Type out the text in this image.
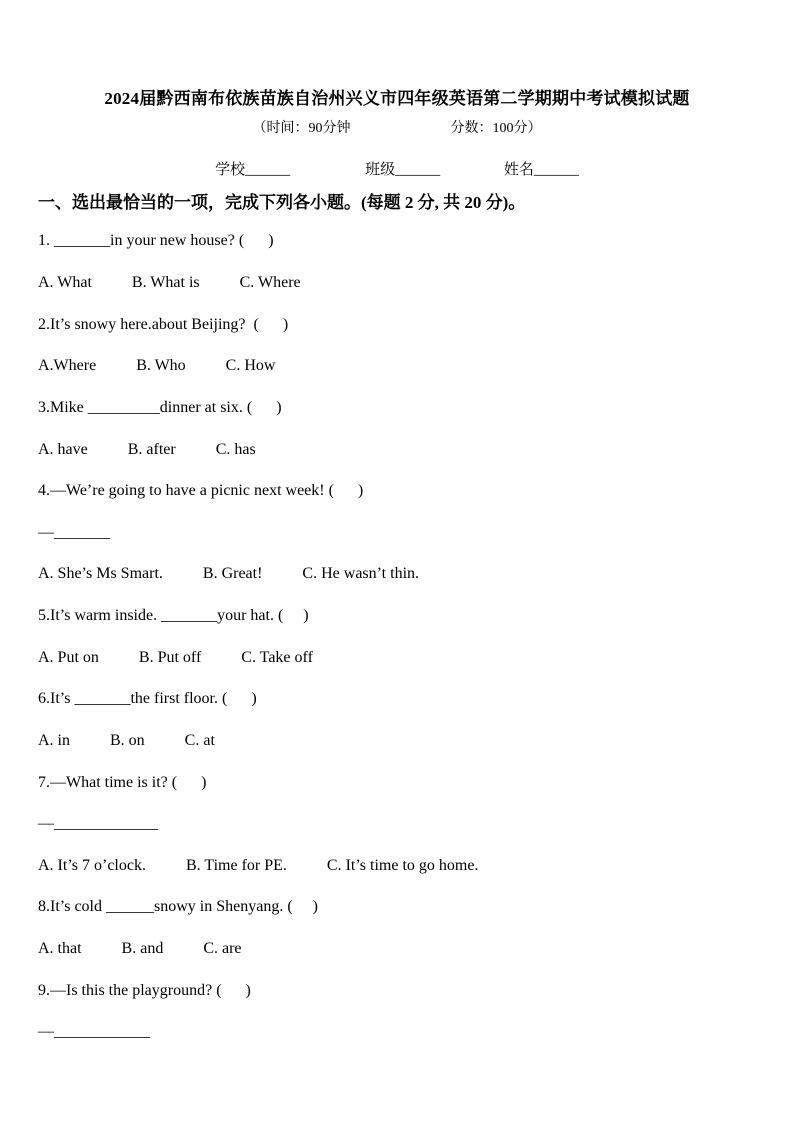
2024届黔西南布依族苗族自治州兴义市四年级英语第二学期期中考试模拟试题
（时间：90分钟	分数：100分）
学校______                    班级______                 姓名______
一、选出最恰当的一项，完成下列各小题。(每题 2 分, 共 20 分)。
1. _______in your new house? (      )
A. What          B. What is          C. Where
2.It’s snowy here.about Beijing?  (      )
A.Where          B. Who          C. How
3.Mike _________dinner at six. (      )
A. have          B. after          C. has
4.—We’re going to have a picnic next week! (      )
—_______
A. She’s Ms Smart.          B. Great!          C. He wasn’t thin.
5.It’s warm inside. _______your hat. (     )
A. Put on          B. Put off          C. Take off
6.It’s _______the first floor. (      )
A. in          B. on          C. at
7.—What time is it? (      )
—_____________
A. It’s 7 o’clock.          B. Time for PE.          C. It’s time to go home.
8.It’s cold ______snowy in Shenyang. (     )
A. that          B. and          C. are
9.—Is this the playground? (      )
—____________
